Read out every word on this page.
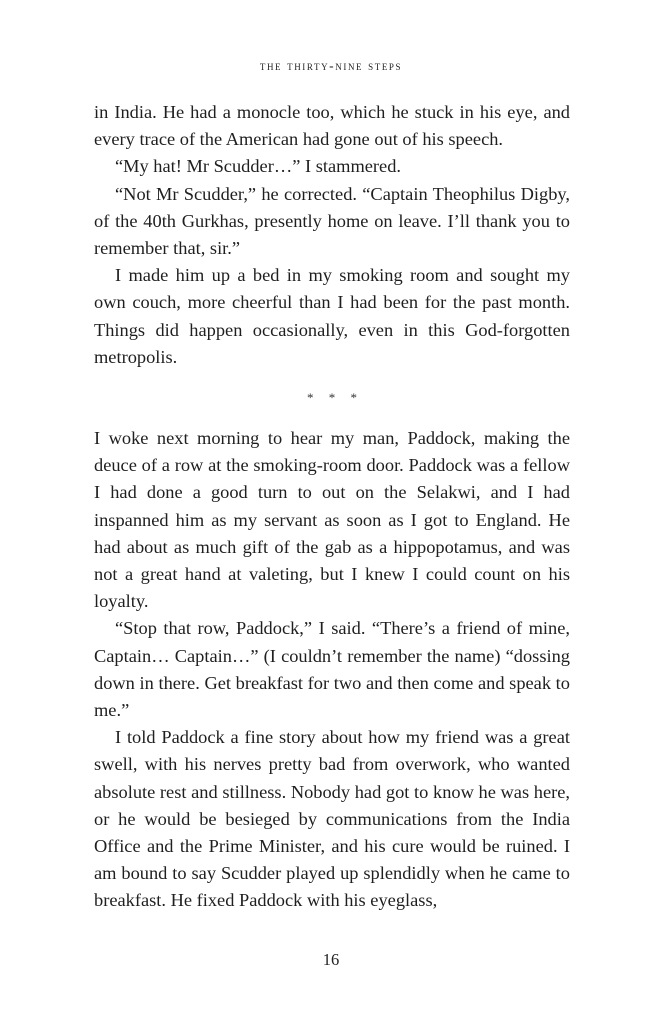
the thirty-nine steps

in India. He had a monocle too, which he stuck in his eye, and every trace of the American had gone out of his speech.

“My hat! Mr Scudder…” I stammered.

“Not Mr Scudder,” he corrected. “Captain Theophilus Digby, of the 40th Gurkhas, presently home on leave. I’ll thank you to remember that, sir.”

I made him up a bed in my smoking room and sought my own couch, more cheerful than I had been for the past month. Things did happen occasionally, even in this God-forgotten metropolis.

* * *

I woke next morning to hear my man, Paddock, making the deuce of a row at the smoking-room door. Paddock was a fellow I had done a good turn to out on the Selakwi, and I had inspanned him as my servant as soon as I got to England. He had about as much gift of the gab as a hippopotamus, and was not a great hand at valeting, but I knew I could count on his loyalty.

“Stop that row, Paddock,” I said. “There’s a friend of mine, Captain… Captain…” (I couldn’t remember the name) “dossing down in there. Get breakfast for two and then come and speak to me.”

I told Paddock a fine story about how my friend was a great swell, with his nerves pretty bad from overwork, who wanted absolute rest and stillness. Nobody had got to know he was here, or he would be besieged by communications from the India Office and the Prime Minister, and his cure would be ruined. I am bound to say Scudder played up splendidly when he came to breakfast. He fixed Paddock with his eyeglass,

16
